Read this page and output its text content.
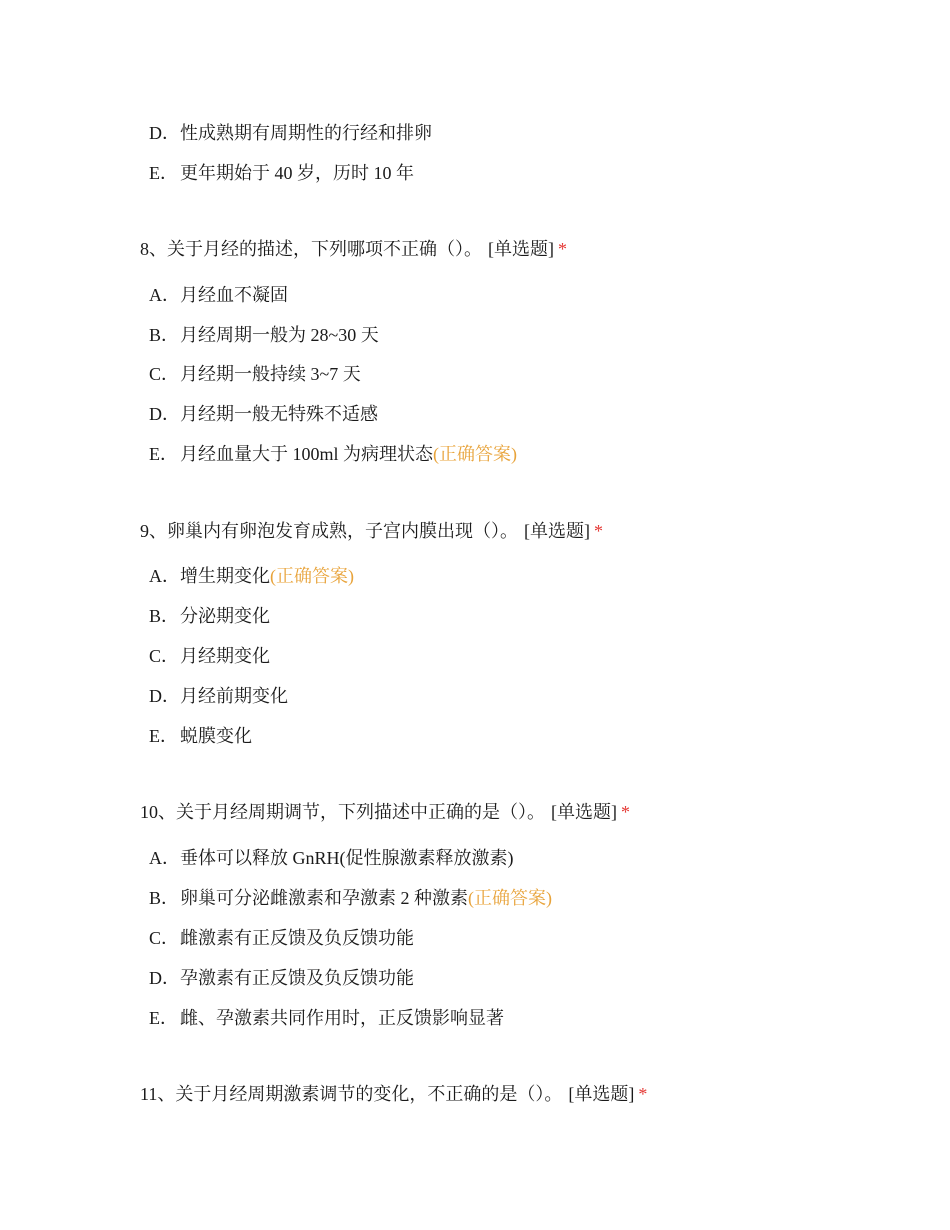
D．性成熟期有周期性的行经和排卵
E． 更年期始于 40 岁，历时 10 年
8、关于月经的描述，下列哪项不正确（）。 [单选题] *
A．月经血不凝固
B．月经周期一般为 28~30 天
C．月经期一般持续 3~7 天
D．月经期一般无特殊不适感
E． 月经血量大于 100ml 为病理状态(正确答案)
9、卵巢内有卵泡发育成熟，子宫内膜出现（）。 [单选题] *
A．增生期变化(正确答案)
B．分泌期变化
C．月经期变化
D．月经前期变化
E． 蜕膜变化
10、关于月经周期调节，下列描述中正确的是（）。 [单选题] *
A．垂体可以释放 GnRH(促性腺激素释放激素)
B．卵巢可分泌雌激素和孕激素 2 种激素(正确答案)
C．雌激素有正反馈及负反馈功能
D．孕激素有正反馈及负反馈功能
E． 雌、孕激素共同作用时，正反馈影响显著
11、关于月经周期激素调节的变化，不正确的是（）。 [单选题] *
